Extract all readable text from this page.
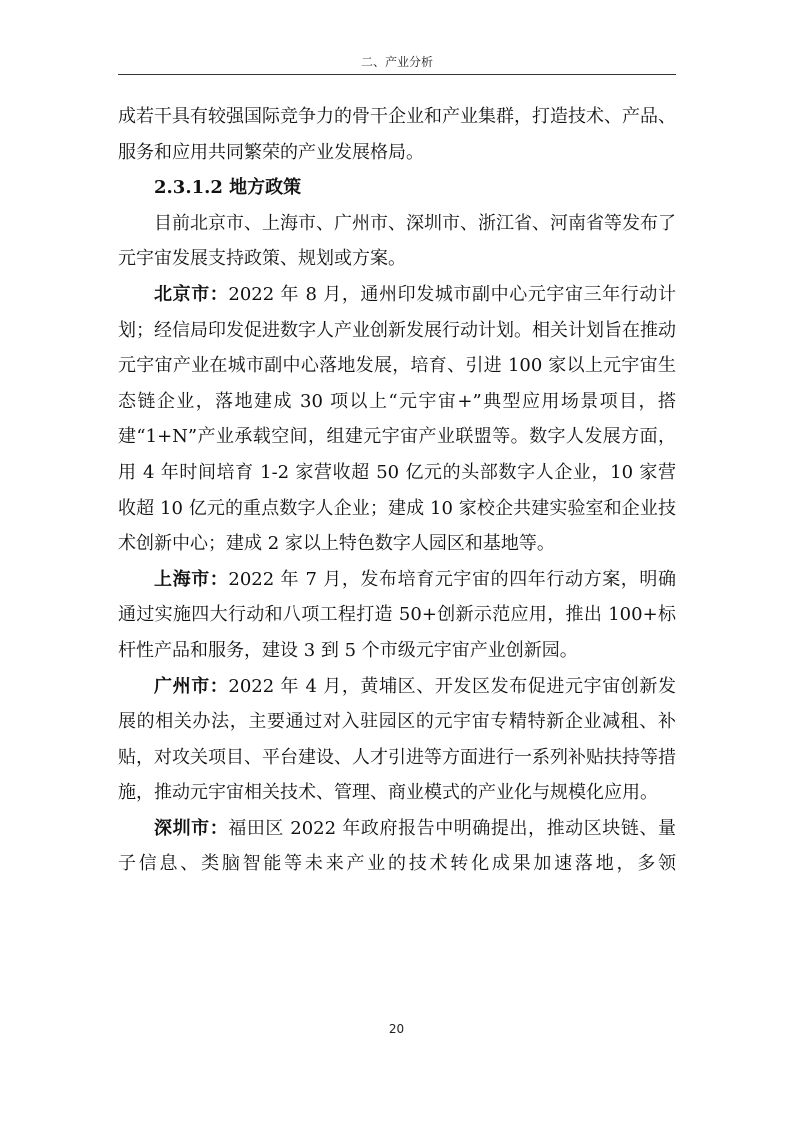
二、产业分析

成若干具有较强国际竞争力的骨干企业和产业集群，打造技术、产品、服务和应用共同繁荣的产业发展格局。

2.3.1.2 地方政策

目前北京市、上海市、广州市、深圳市、浙江省、河南省等发布了元宇宙发展支持政策、规划或方案。

北京市：2022 年 8 月，通州印发城市副中心元宇宙三年行动计划；经信局印发促进数字人产业创新发展行动计划。相关计划旨在推动元宇宙产业在城市副中心落地发展，培育、引进 100 家以上元宇宙生态链企业，落地建成 30 项以上“元宇宙+”典型应用场景项目，搭建“1+N”产业承载空间，组建元宇宙产业联盟等。数字人发展方面，用 4 年时间培育 1-2 家营收超 50 亿元的头部数字人企业，10 家营收超 10 亿元的重点数字人企业；建成 10 家校企共建实验室和企业技术创新中心；建成 2 家以上特色数字人园区和基地等。

上海市：2022 年 7 月，发布培育元宇宙的四年行动方案，明确通过实施四大行动和八项工程打造 50+创新示范应用，推出 100+标杆性产品和服务，建设 3 到 5 个市级元宇宙产业创新园。

广州市：2022 年 4 月，黄埔区、开发区发布促进元宇宙创新发展的相关办法，主要通过对入驻园区的元宇宙专精特新企业减租、补贴，对攻关项目、平台建设、人才引进等方面进行一系列补贴扶持等措施，推动元宇宙相关技术、管理、商业模式的产业化与规模化应用。

深圳市：福田区 2022 年政府报告中明确提出，推动区块链、量子信息、类脑智能等未来产业的技术转化成果加速落地，多领

20
